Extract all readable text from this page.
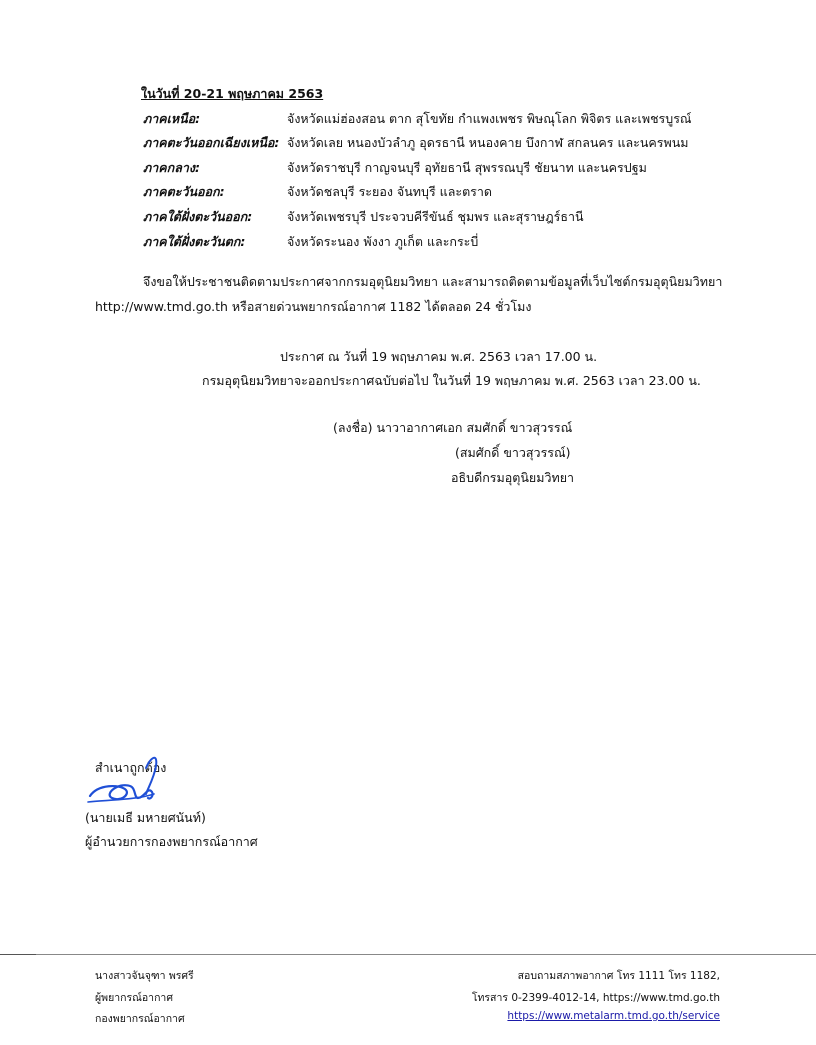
ในวันที่ 20-21 พฤษภาคม 2563
ภาคเหนือ:	จังหวัดแม่ฮ่องสอน ตาก สุโขทัย กำแพงเพชร พิษณุโลก พิจิตร และเพชรบูรณ์
ภาคตะวันออกเฉียงเหนือ: จังหวัดเลย หนองบัวลำภู อุดรธานี หนองคาย บึงกาฬ สกลนคร และนครพนม
ภาคกลาง:	จังหวัดราชบุรี กาญจนบุรี อุทัยธานี สุพรรณบุรี ชัยนาท และนครปฐม
ภาคตะวันออก:	จังหวัดชลบุรี ระยอง จันทบุรี และตราด
ภาคใต้ฝั่งตะวันออก:	จังหวัดเพชรบุรี ประจวบคีรีขันธ์ ชุมพร และสุราษฎร์ธานี
ภาคใต้ฝั่งตะวันตก:	จังหวัดระนอง พังงา ภูเก็ต และกระบี่
จึงขอให้ประชาชนติดตามประกาศจากกรมอุตุนิยมวิทยา และสามารถติดตามข้อมูลที่เว็บไซต์กรมอุตุนิยมวิทยา
http://www.tmd.go.th หรือสายด่วนพยากรณ์อากาศ 1182 ได้ตลอด 24 ชั่วโมง
ประกาศ ณ วันที่ 19 พฤษภาคม พ.ศ. 2563 เวลา 17.00 น.
กรมอุตุนิยมวิทยาจะออกประกาศฉบับต่อไป ในวันที่ 19 พฤษภาคม พ.ศ. 2563 เวลา 23.00 น.
(ลงชื่อ) นาวาอากาศเอก สมศักดิ์ ขาวสุวรรณ์
(สมศักดิ์ ขาวสุวรรณ์)
อธิบดีกรมอุตุนิยมวิทยา
สำเนาถูกต้อง
(นายเมธี มหายศนันท์)
ผู้อำนวยการกองพยากรณ์อากาศ
นางสาวจันจุฑา พรศรี
ผู้พยากรณ์อากาศ
กองพยากรณ์อากาศ
สอบถามสภาพอากาศ โทร 1111 โทร 1182,
โทรสาร 0-2399-4012-14, https://www.tmd.go.th
https://www.metalarm.tmd.go.th/service
